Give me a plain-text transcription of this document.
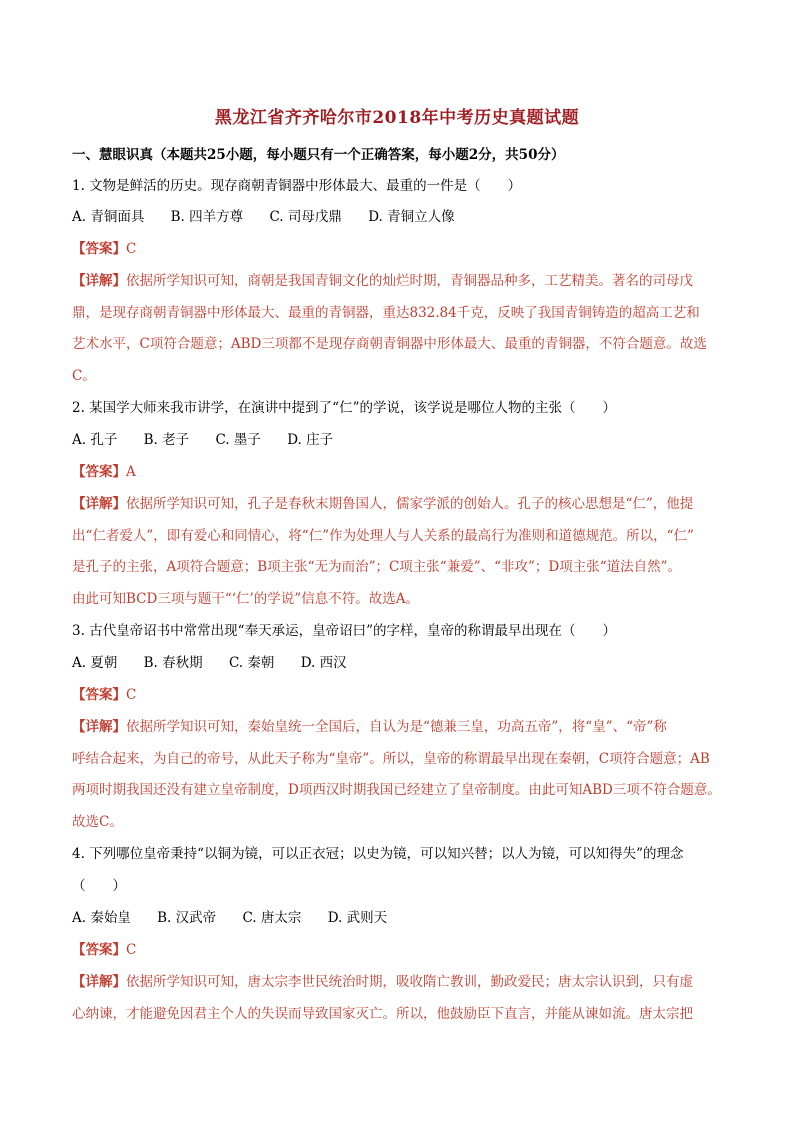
黑龙江省齐齐哈尔市2018年中考历史真题试题
一、慧眼识真（本题共25小题，每小题只有一个正确答案，每小题2分，共50分）
1. 文物是鲜活的历史。现存商朝青铜器中形体最大、最重的一件是（　　）
A. 青铜面具 B. 四羊方尊 C. 司母戊鼎 D. 青铜立人像
【答案】C
【详解】依据所学知识可知，商朝是我国青铜文化的灿烂时期，青铜器品种多，工艺精美。著名的司母戊
鼎，是现存商朝青铜器中形体最大、最重的青铜器，重达832.84千克，反映了我国青铜铸造的超高工艺和
艺术水平，C项符合题意；ABD三项都不是现存商朝青铜器中形体最大、最重的青铜器，不符合题意。故选
C。
2. 某国学大师来我市讲学，在演讲中提到了“仁”的学说，该学说是哪位人物的主张（　　）
A. 孔子 B. 老子 C. 墨子 D. 庄子
【答案】A
【详解】依据所学知识可知，孔子是春秋末期鲁国人，儒家学派的创始人。孔子的核心思想是“仁”，他提
出“仁者爱人”，即有爱心和同情心，将“仁”作为处理人与人关系的最高行为准则和道德规范。所以，“仁”
是孔子的主张，A项符合题意；B项主张“无为而治”；C项主张“兼爱”、“非攻”；D项主张“道法自然”。
由此可知BCD三项与题干“‘仁’的学说”信息不符。故选A。
3. 古代皇帝诏书中常常出现“奉天承运，皇帝诏曰”的字样，皇帝的称谓最早出现在（　　）
A. 夏朝 B. 春秋期 C. 秦朝 D. 西汉
【答案】C
【详解】依据所学知识可知，秦始皇统一全国后，自认为是“德兼三皇，功高五帝”，将“皇”、“帝”称
呼结合起来，为自己的帝号，从此天子称为“皇帝”。所以，皇帝的称谓最早出现在秦朝，C项符合题意；AB
两项时期我国还没有建立皇帝制度，D项西汉时期我国已经建立了皇帝制度。由此可知ABD三项不符合题意。
故选C。
4. 下列哪位皇帝秉持“以铜为镜，可以正衣冠；以史为镜，可以知兴替；以人为镜，可以知得失”的理念
（　　）
A. 秦始皇 B. 汉武帝 C. 唐太宗 D. 武则天
【答案】C
【详解】依据所学知识可知，唐太宗李世民统治时期，吸收隋亡教训，勤政爱民；唐太宗认识到，只有虚
心纳谏，才能避免因君主个人的失误而导致国家灭亡。所以，他鼓励臣下直言，并能从谏如流。唐太宗把
